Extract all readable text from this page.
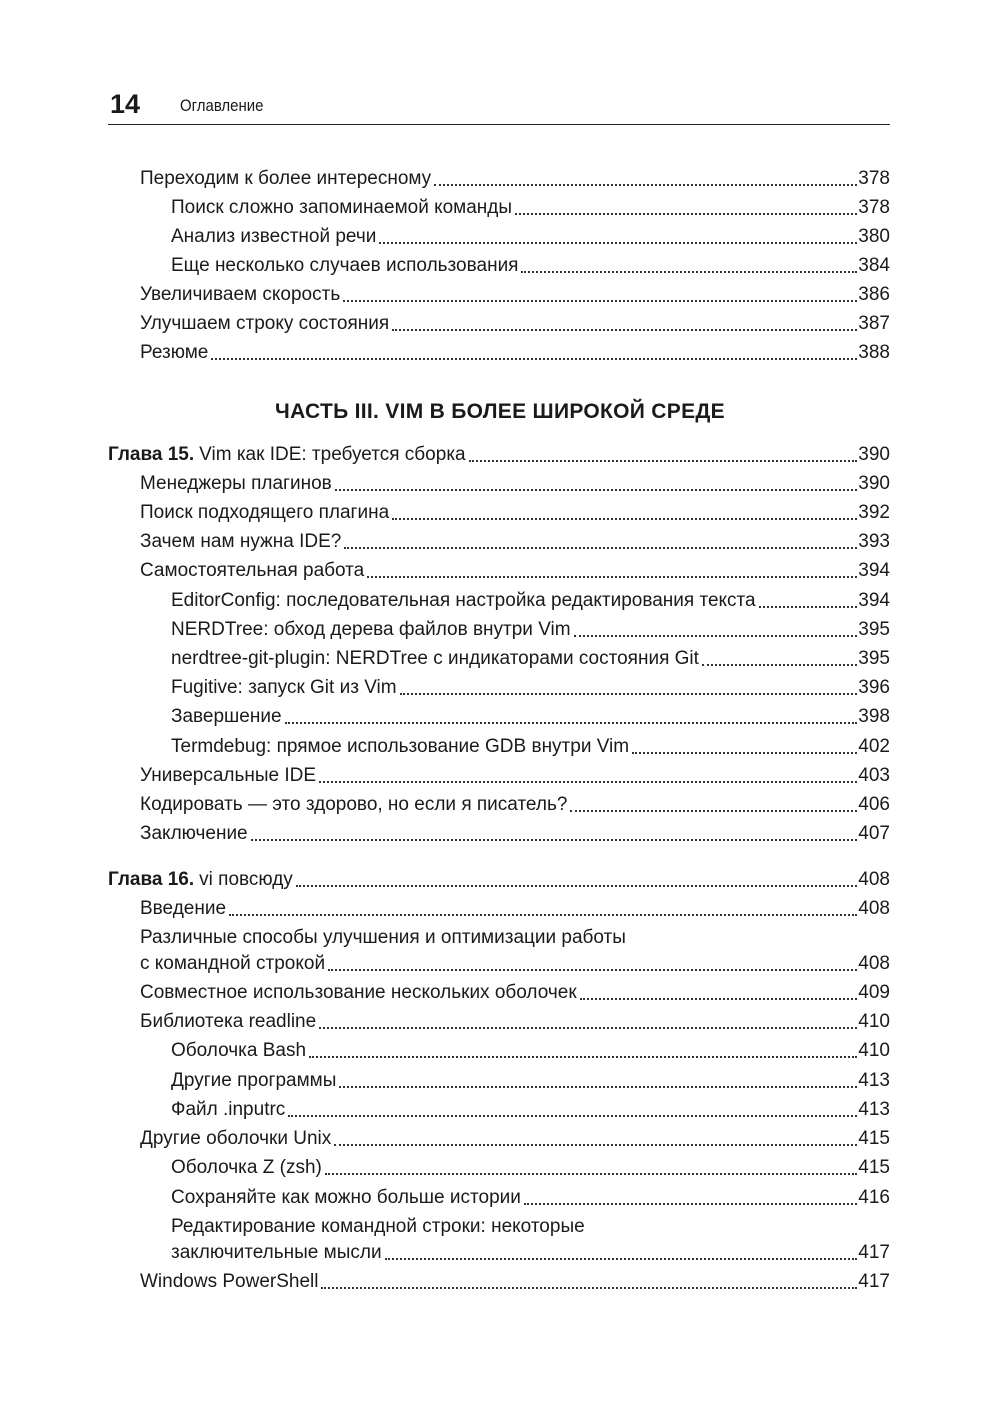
14 Оглавление
Переходим к более интересному	378
Поиск сложно запоминаемой команды	378
Анализ известной речи	380
Еще несколько случаев использования	384
Увеличиваем скорость	386
Улучшаем строку состояния	387
Резюме	388
ЧАСТЬ III. VIM В БОЛЕЕ ШИРОКОЙ СРЕДЕ
Глава 15. Vim как IDE: требуется сборка	390
Менеджеры плагинов	390
Поиск подходящего плагина	392
Зачем нам нужна IDE?	393
Самостоятельная работа	394
EditorConfig: последовательная настройка редактирования текста	394
NERDTree: обход дерева файлов внутри Vim	395
nerdtree-git-plugin: NERDTree с индикаторами состояния Git	395
Fugitive: запуск Git из Vim	396
Завершение	398
Termdebug: прямое использование GDB внутри Vim	402
Универсальные IDE	403
Кодировать — это здорово, но если я писатель?	406
Заключение	407
Глава 16. vi повсюду	408
Введение	408
Различные способы улучшения и оптимизации работы
с командной строкой	408
Совместное использование нескольких оболочек	409
Библиотека readline	410
Оболочка Bash	410
Другие программы	413
Файл .inputrc	413
Другие оболочки Unix	415
Оболочка Z (zsh)	415
Сохраняйте как можно больше истории	416
Редактирование командной строки: некоторые
заключительные мысли	417
Windows PowerShell	417
